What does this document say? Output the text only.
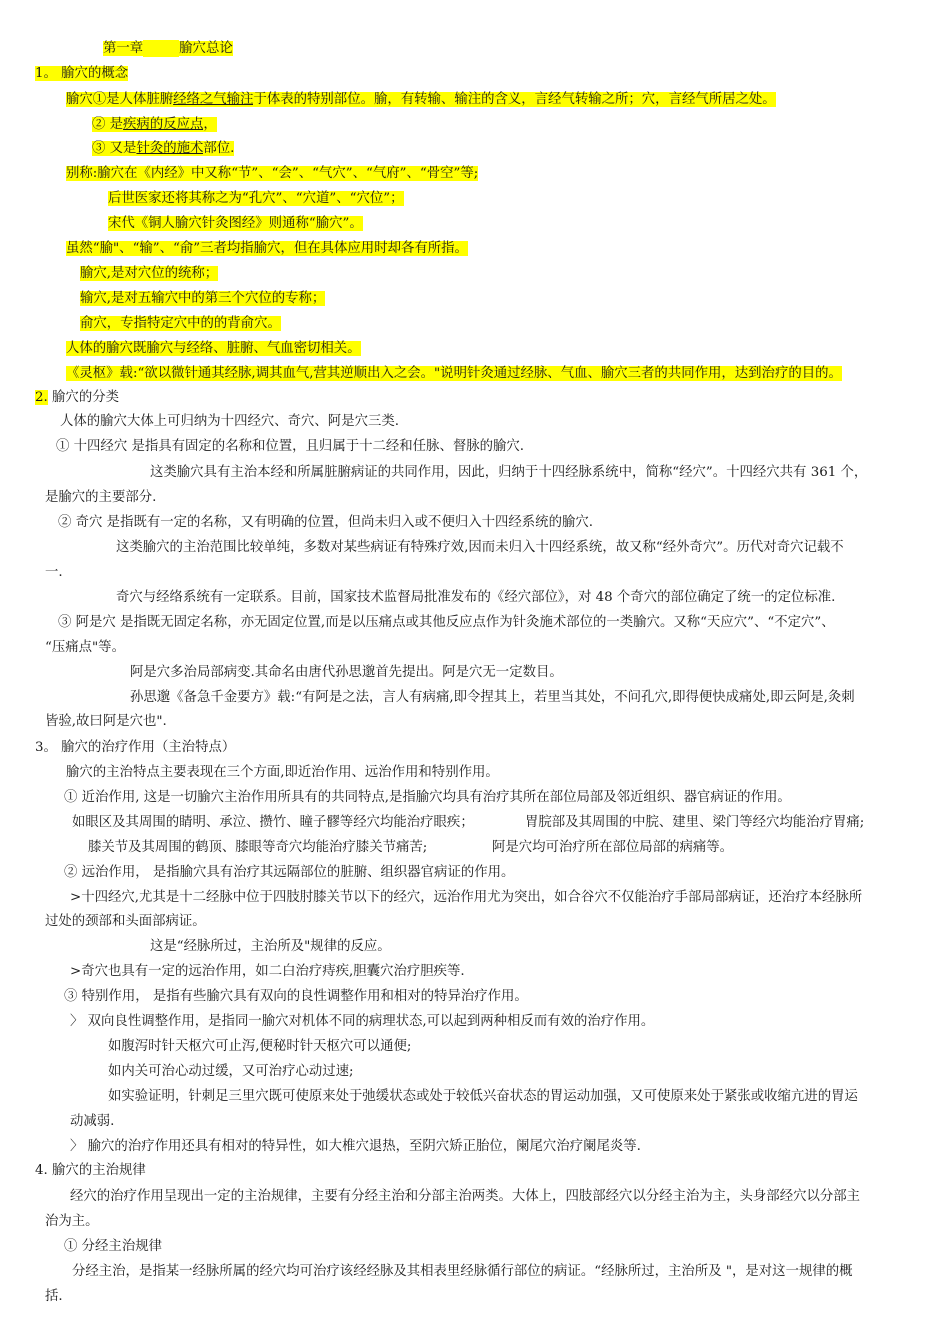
第一章	腧穴总论
1。 腧穴的概念
腧穴①是人体脏腑经络之气输注于体表的特别部位。腧，有转输、输注的含义，言经气转输之所；穴，言经气所居之处。
② 是疾病的反应点，
③ 又是针灸的施术部位.
别称:腧穴在《内经》中又称“节”、“会”、“气穴”、“气府”、“骨空”等;
后世医家还将其称之为“孔穴”、“穴道”、“穴位”；
宋代《铜人腧穴针灸图经》则通称“腧穴”。
虽然“腧"、“输”、“俞”三者均指腧穴，但在具体应用时却各有所指。
腧穴,是对穴位的统称；
输穴,是对五输穴中的第三个穴位的专称；
俞穴，专指特定穴中的的背俞穴。
人体的腧穴既腧穴与经络、脏腑、气血密切相关。
《灵枢》载:“欲以微针通其经脉,调其血气,营其逆顺出入之会。"说明针灸通过经脉、气血、腧穴三者的共同作用，达到治疗的目的。
2. 腧穴的分类
人体的腧穴大体上可归纳为十四经穴、奇穴、阿是穴三类.
① 十四经穴 是指具有固定的名称和位置，且归属于十二经和任脉、督脉的腧穴.
这类腧穴具有主治本经和所属脏腑病证的共同作用，因此，归纳于十四经脉系统中，简称“经穴”。十四经穴共有 361 个，
是腧穴的主要部分.
② 奇穴 是指既有一定的名称，又有明确的位置，但尚未归入或不便归入十四经系统的腧穴.
这类腧穴的主治范围比较单纯，多数对某些病证有特殊疗效,因而未归入十四经系统，故又称“经外奇穴”。历代对奇穴记载不
一.
奇穴与经络系统有一定联系。目前，国家技术监督局批准发布的《经穴部位》，对 48 个奇穴的部位确定了统一的定位标准.
③ 阿是穴 是指既无固定名称，亦无固定位置,而是以压痛点或其他反应点作为针灸施术部位的一类腧穴。又称“天应穴”、“不定穴”、
“压痛点"等。
阿是穴多治局部病变.其命名由唐代孙思邈首先提出。阿是穴无一定数目。
孙思邈《备急千金要方》载:“有阿是之法，言人有病痛,即令捏其上，若里当其处，不问孔穴,即得便快成痛处,即云阿是,灸刺
皆验,故曰阿是穴也".
3。 腧穴的治疗作用（主治特点）
腧穴的主治特点主要表现在三个方面,即近治作用、远治作用和特别作用。
① 近治作用, 这是一切腧穴主治作用所具有的共同特点,是指腧穴均具有治疗其所在部位局部及邻近组织、器官病证的作用。
如眼区及其周围的睛明、承泣、攒竹、瞳子髎等经穴均能治疗眼疾；	胃脘部及其周围的中脘、建里、梁门等经穴均能治疗胃痛;
膝关节及其周围的鹤顶、膝眼等奇穴均能治疗膝关节痛苦;	阿是穴均可治疗所在部位局部的病痛等。
② 远治作用， 是指腧穴具有治疗其远隔部位的脏腑、组织器官病证的作用。
>十四经穴,尤其是十二经脉中位于四肢肘膝关节以下的经穴，远治作用尤为突出，如合谷穴不仅能治疗手部局部病证，还治疗本经脉所
过处的颈部和头面部病证。
这是“经脉所过，主治所及"规律的反应。
>奇穴也具有一定的远治作用，如二白治疗痔疾,胆囊穴治疗胆疾等.
③ 特别作用， 是指有些腧穴具有双向的良性调整作用和相对的特异治疗作用。
〉 双向良性调整作用，是指同一腧穴对机体不同的病理状态,可以起到两种相反而有效的治疗作用。
如腹泻时针天枢穴可止泻,便秘时针天枢穴可以通便;
如内关可治心动过缓，又可治疗心动过速;
如实验证明，针刺足三里穴既可使原来处于弛缓状态或处于较低兴奋状态的胃运动加强，又可使原来处于紧张或收缩亢进的胃运
动减弱.
〉 腧穴的治疗作用还具有相对的特异性，如大椎穴退热，至阴穴矫正胎位，阑尾穴治疗阑尾炎等.
4. 腧穴的主治规律
经穴的治疗作用呈现出一定的主治规律，主要有分经主治和分部主治两类。大体上，四肢部经穴以分经主治为主，头身部经穴以分部主
治为主。
① 分经主治规律
分经主治，是指某一经脉所属的经穴均可治疗该经经脉及其相表里经脉循行部位的病证。“经脉所过，主治所及 "，是对这一规律的概
括.
